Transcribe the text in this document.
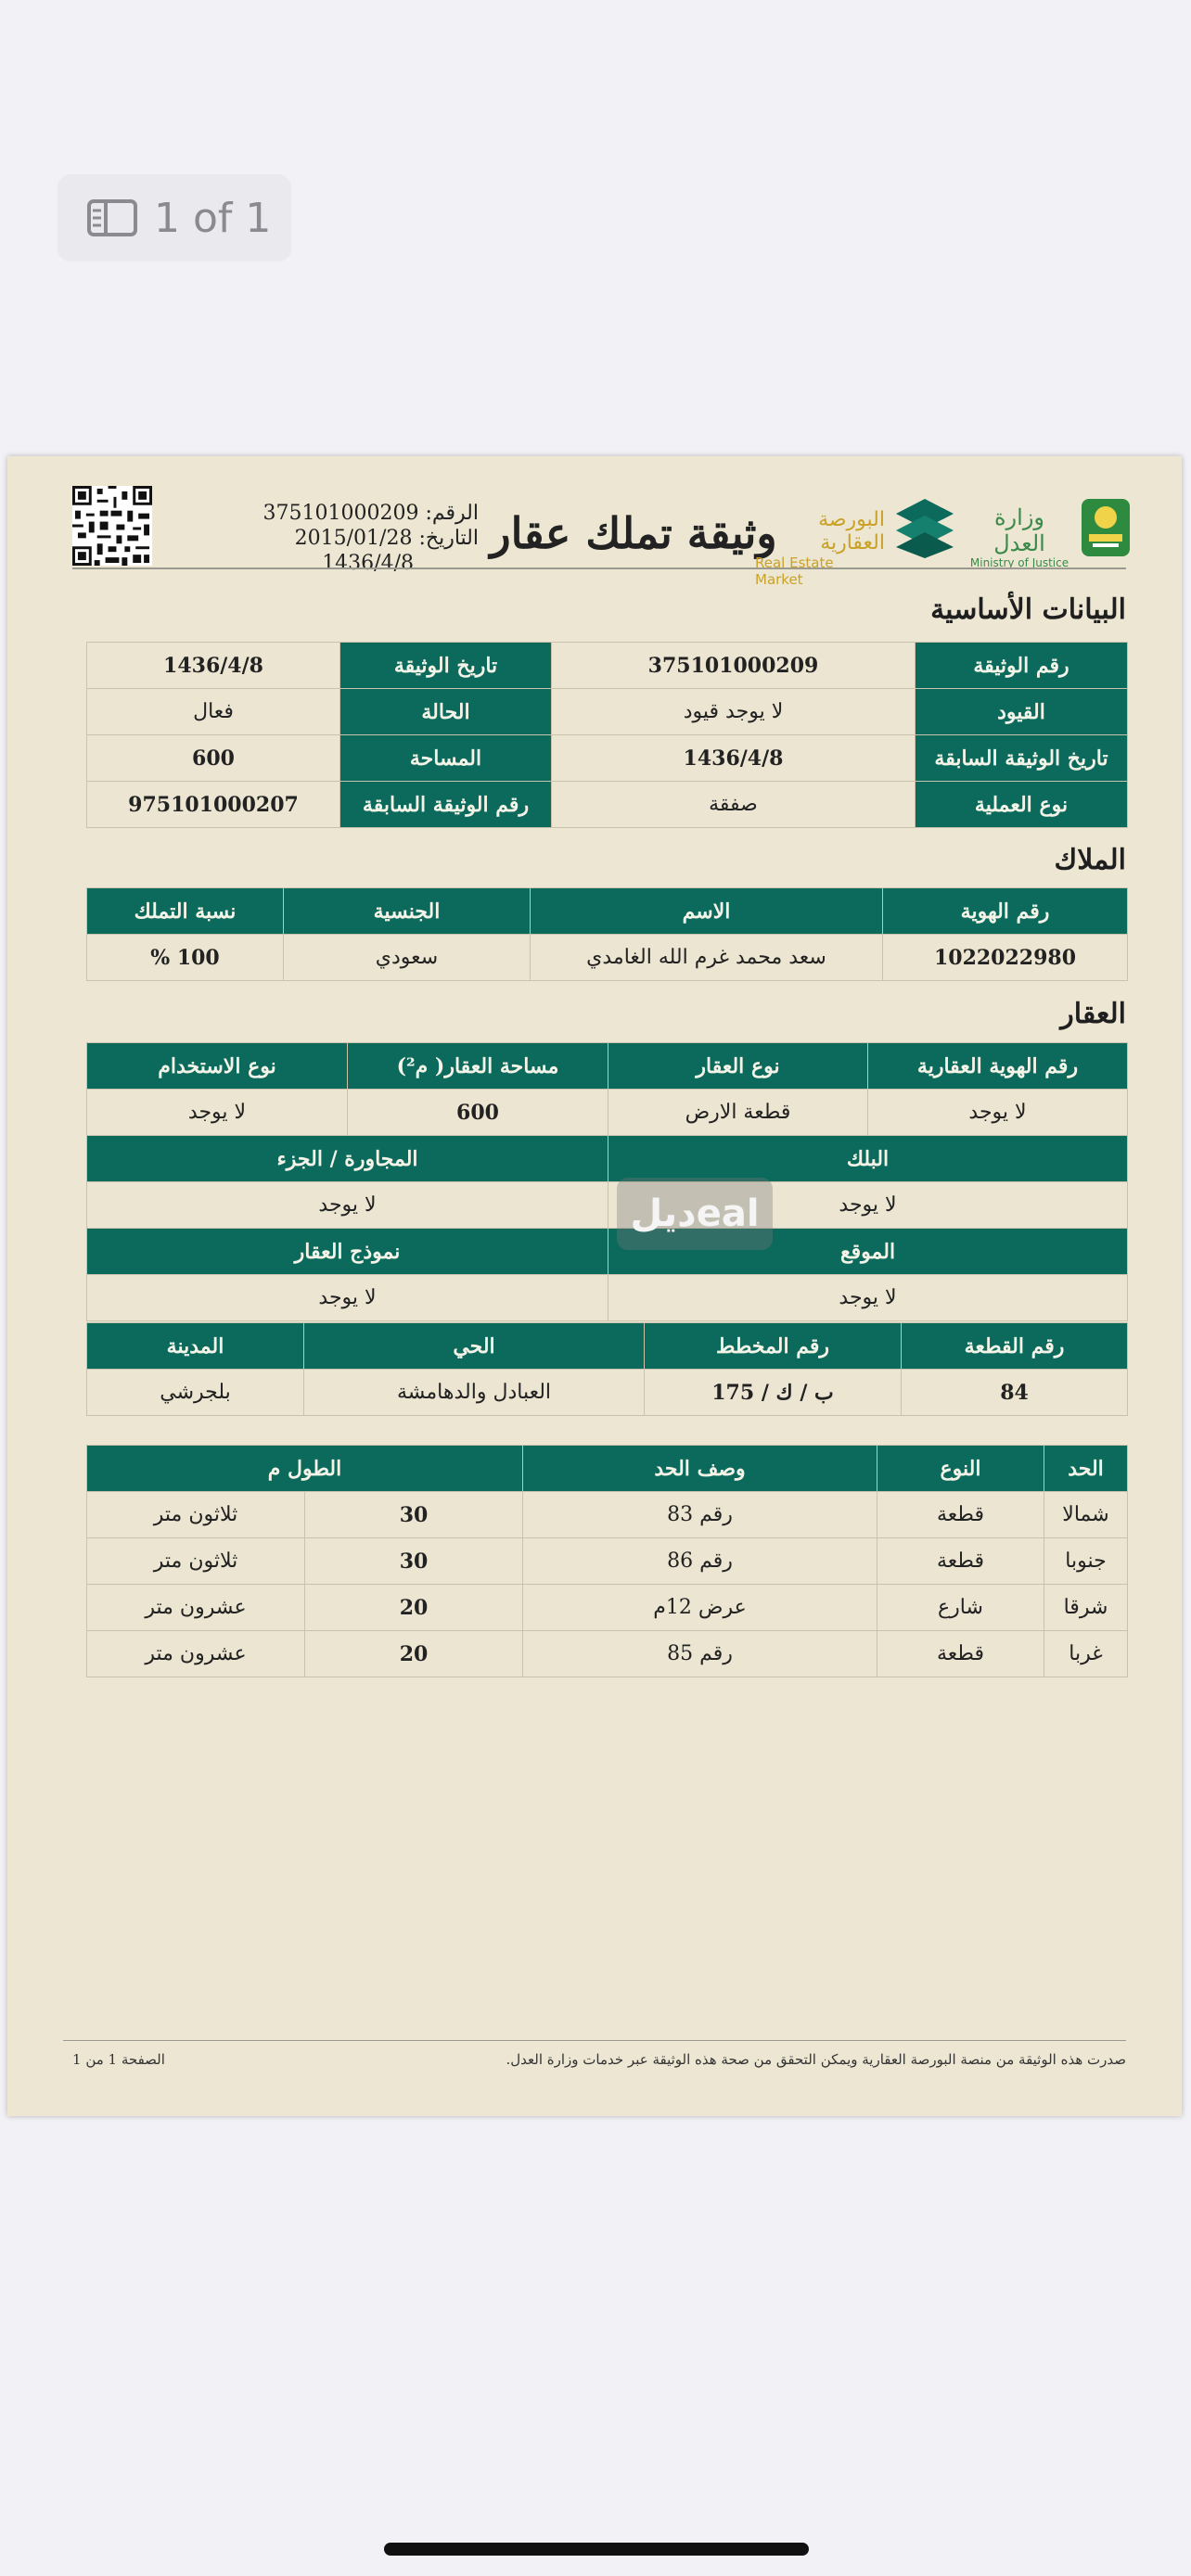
1 of 1
الرقم: 375101000209
التاريخ: 2015/01/28
1436/4/8
وثيقة تملك عقار	البورصة العقارية
Real Estate Market
وزارة العدل
Ministry of Justice
البيانات الأساسية
رقم الوثيقة	375101000209	تاريخ الوثيقة	1436/4/8
القيود	لا يوجد قيود	الحالة	فعال
تاريخ الوثيقة السابقة	1436/4/8	المساحة	600
نوع العملية	صفقة	رقم الوثيقة السابقة	975101000207
الملاك
رقم الهوية	الاسم	الجنسية	نسبة التملك
1022022980	سعد محمد غرم الله الغامدي	سعودي	100 %
العقار
رقم الهوية العقارية	نوع العقار	مساحة العقار( م²)	نوع الاستخدام
لا يوجد	قطعة الارض	600	لا يوجد
البلك		المجاورة / الجزء	
لا يوجد		لا يوجد	
الموقع		نموذج العقار	
لا يوجد		لا يوجد	
رقم القطعة	رقم المخطط	الحي	المدينة
84	ب / ك / 175	العبادل والدهامشة	بلجرشي
الحد	النوع	وصف الحد	الطول م	
شمالا	قطعة	رقم 83	30	ثلاثون متر
جنوبا	قطعة	رقم 86	30	ثلاثون متر
شرقا	شارع	عرض 12م	20	عشرون متر
غربا	قطعة	رقم 85	20	عشرون متر
الصفحة 1 من 1	صدرت هذه الوثيقة من منصة البورصة العقارية ويمكن التحقق من صحة هذه الوثيقة عبر خدمات وزارة العدل.
ديلeal
